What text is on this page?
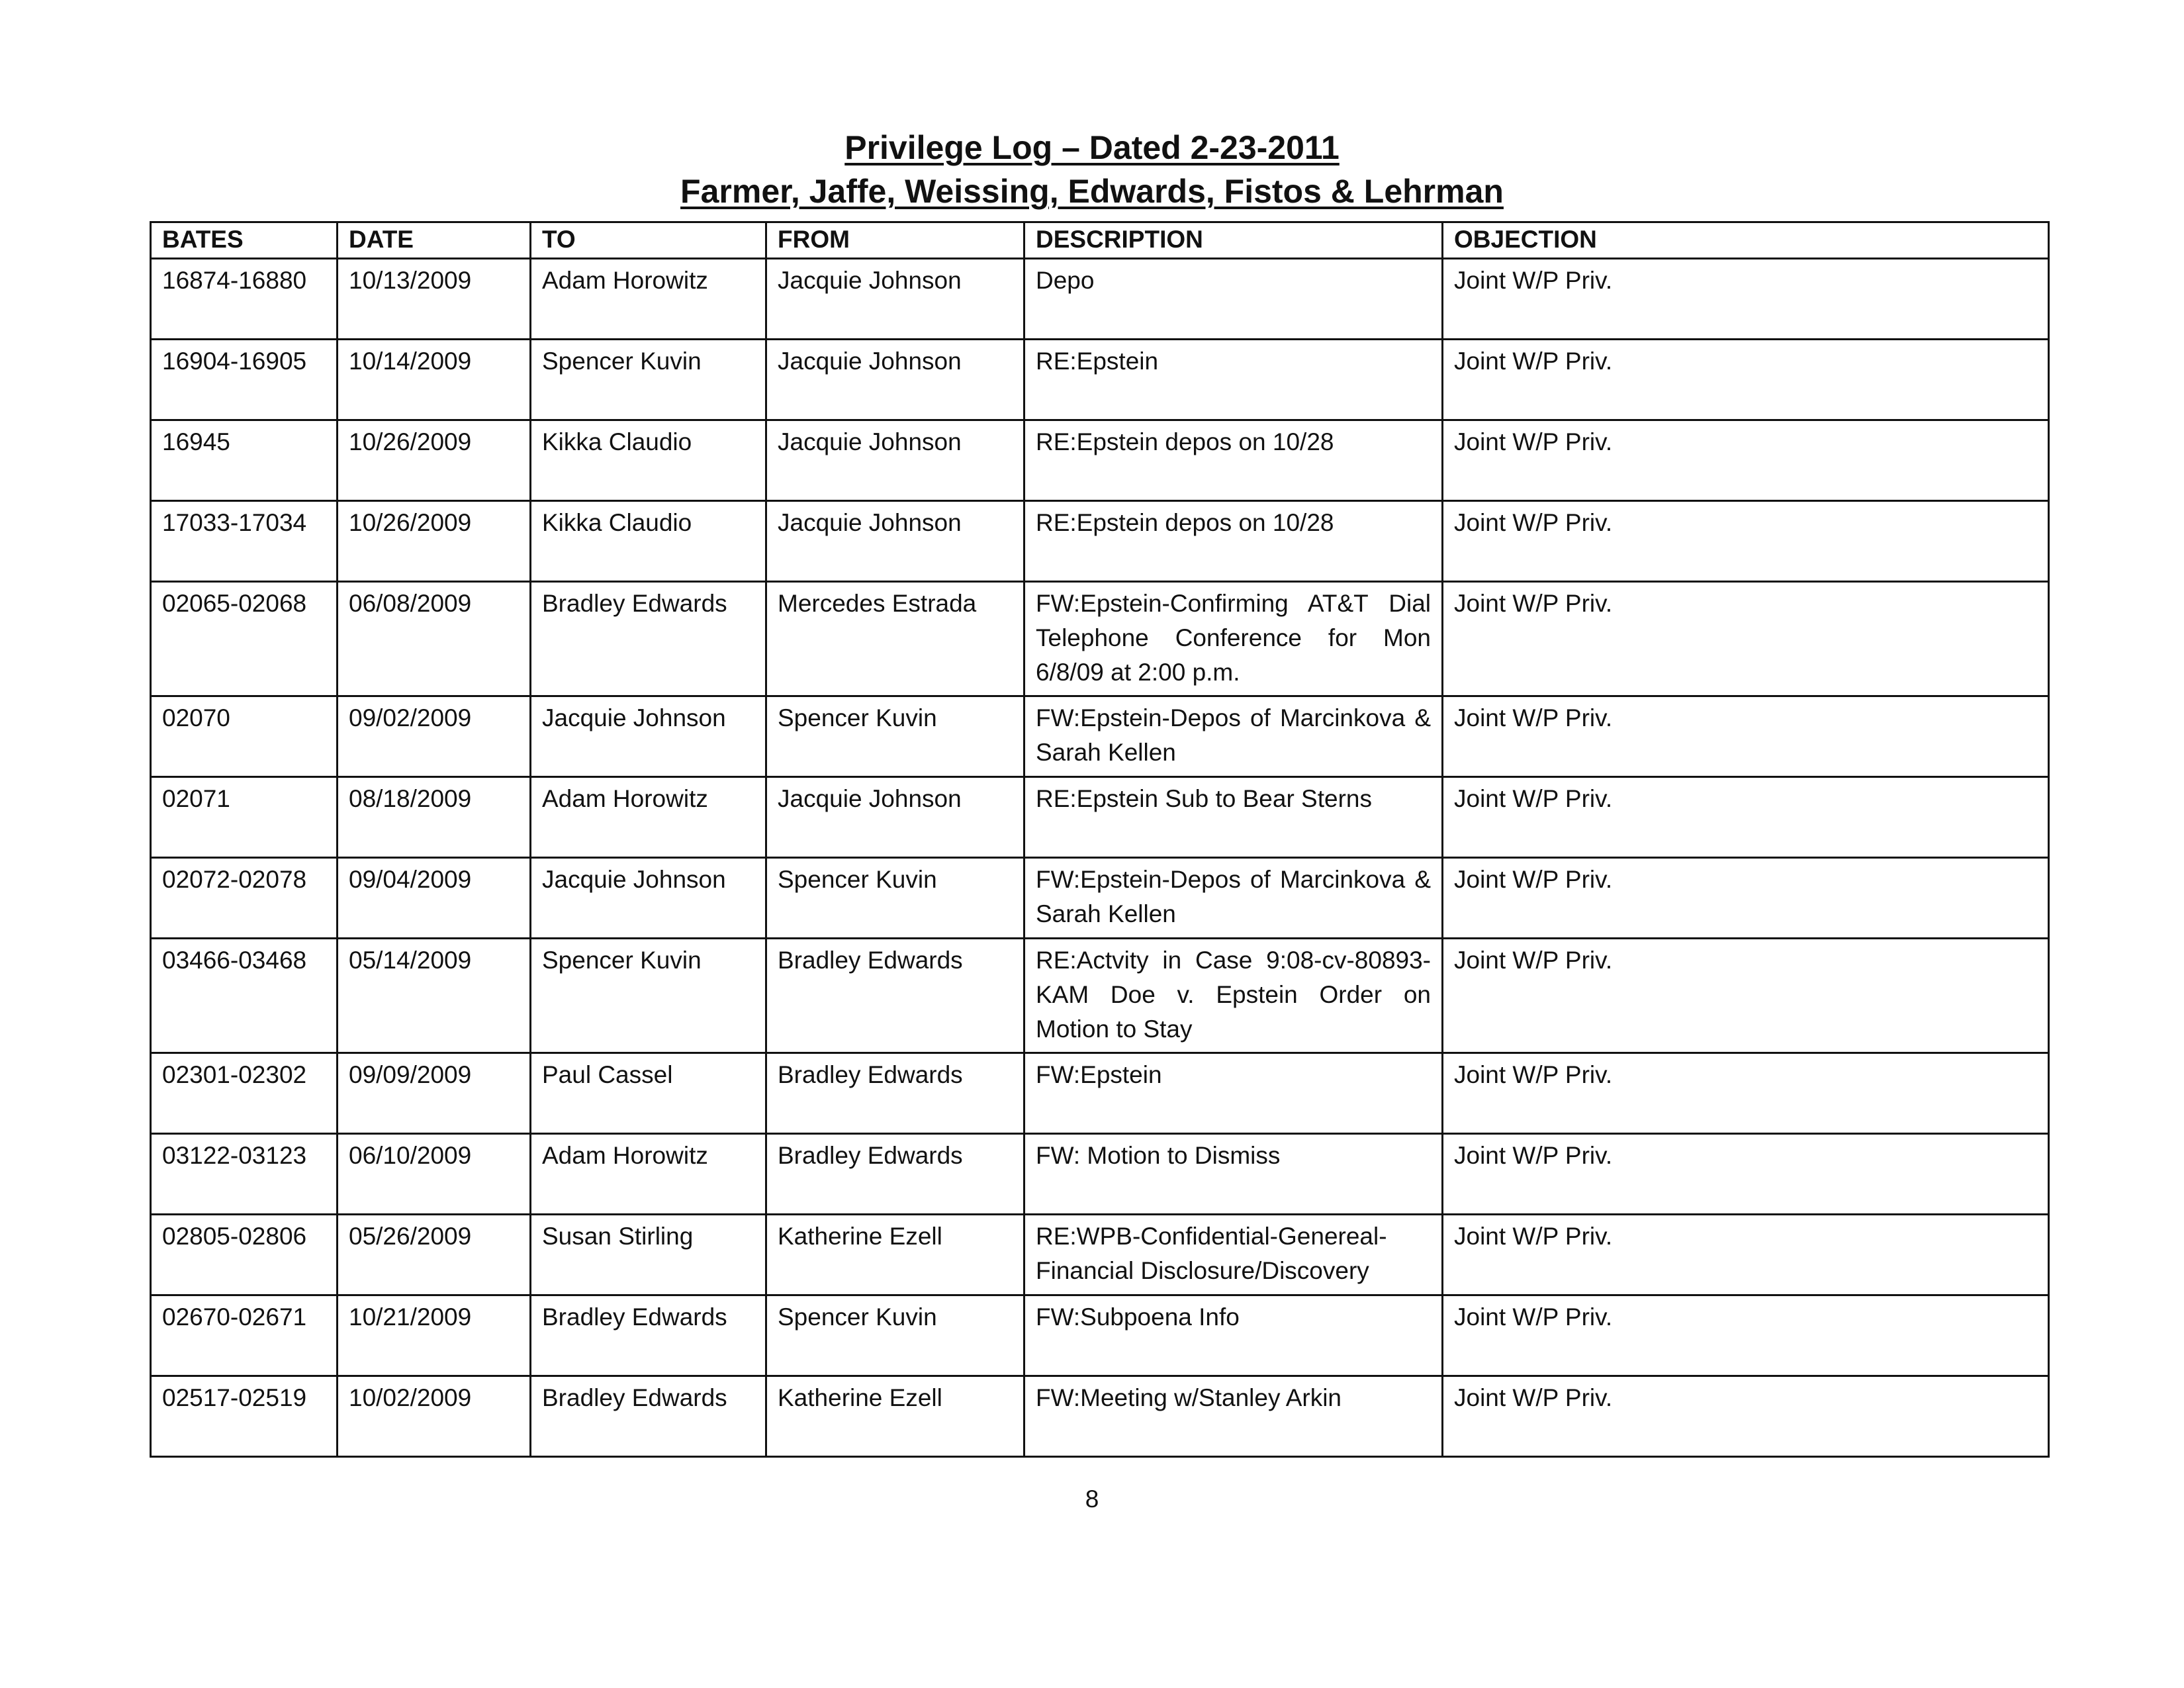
Privilege Log – Dated 2-23-2011
Farmer, Jaffe, Weissing, Edwards, Fistos & Lehrman
BATES	DATE	TO	FROM	DESCRIPTION	OBJECTION
16874-16880	10/13/2009	Adam Horowitz	Jacquie Johnson	Depo	Joint W/P Priv.
16904-16905	10/14/2009	Spencer Kuvin	Jacquie Johnson	RE:Epstein	Joint W/P Priv.
16945	10/26/2009	Kikka Claudio	Jacquie Johnson	RE:Epstein depos on 10/28	Joint W/P Priv.
17033-17034	10/26/2009	Kikka Claudio	Jacquie Johnson	RE:Epstein depos on 10/28	Joint W/P Priv.
02065-02068	06/08/2009	Bradley Edwards	Mercedes Estrada	FW:Epstein-Confirming AT&T Dial Telephone Conference for Mon 6/8/09 at 2:00 p.m.	Joint W/P Priv.
02070	09/02/2009	Jacquie Johnson	Spencer Kuvin	FW:Epstein-Depos of Marcinkova & Sarah Kellen	Joint W/P Priv.
02071	08/18/2009	Adam Horowitz	Jacquie Johnson	RE:Epstein Sub to Bear Sterns	Joint W/P Priv.
02072-02078	09/04/2009	Jacquie Johnson	Spencer Kuvin	FW:Epstein-Depos of Marcinkova & Sarah Kellen	Joint W/P Priv.
03466-03468	05/14/2009	Spencer Kuvin	Bradley Edwards	RE:Actvity in Case 9:08-cv-80893-KAM Doe v. Epstein Order on Motion to Stay	Joint W/P Priv.
02301-02302	09/09/2009	Paul Cassel	Bradley Edwards	FW:Epstein	Joint W/P Priv.
03122-03123	06/10/2009	Adam Horowitz	Bradley Edwards	FW: Motion to Dismiss	Joint W/P Priv.
02805-02806	05/26/2009	Susan Stirling	Katherine Ezell	RE:WPB-Confidential-Genereal-Financial Disclosure/Discovery	Joint W/P Priv.
02670-02671	10/21/2009	Bradley Edwards	Spencer Kuvin	FW:Subpoena Info	Joint W/P Priv.
02517-02519	10/02/2009	Bradley Edwards	Katherine Ezell	FW:Meeting w/Stanley Arkin	Joint W/P Priv.
8
